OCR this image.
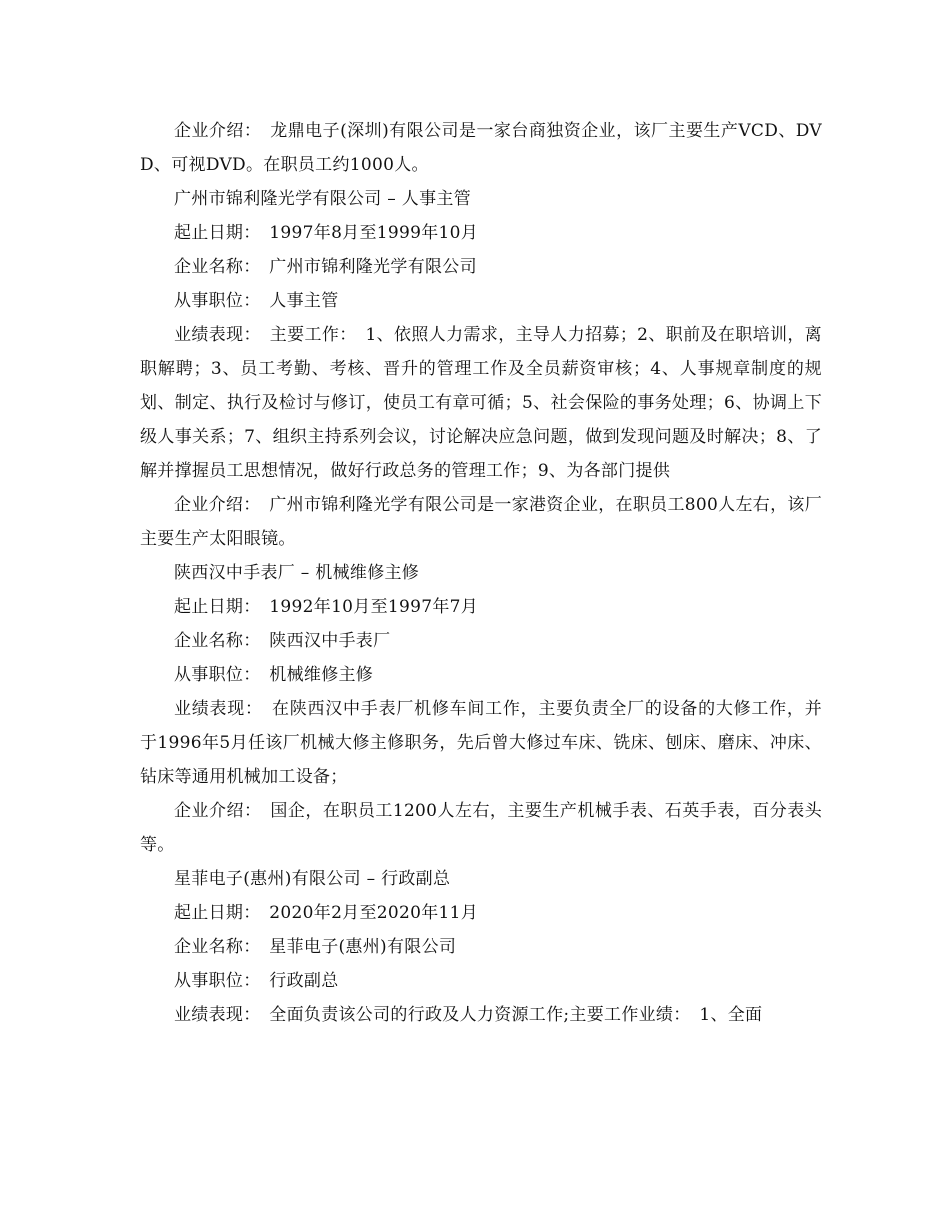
企业介绍：　龙鼎电子(深圳)有限公司是一家台商独资企业，该厂主要生产VCD、DVD、可视DVD。在职员工约1000人。

广州市锦利隆光学有限公司 – 人事主管

起止日期：　1997年8月至1999年10月

企业名称：　广州市锦利隆光学有限公司

从事职位：　人事主管

业绩表现：　主要工作：　1、依照人力需求，主导人力招募；2、职前及在职培训，离职解聘；3、员工考勤、考核、晋升的管理工作及全员薪资审核；4、人事规章制度的规划、制定、执行及检讨与修订，使员工有章可循；5、社会保险的事务处理；6、协调上下级人事关系；7、组织主持系列会议，讨论解决应急问题，做到发现问题及时解决；8、了解并撑握员工思想情况，做好行政总务的管理工作；9、为各部门提供

企业介绍：　广州市锦利隆光学有限公司是一家港资企业，在职员工800人左右，该厂主要生产太阳眼镜。

陕西汉中手表厂 – 机械维修主修

起止日期：　1992年10月至1997年7月

企业名称：　陕西汉中手表厂

从事职位：　机械维修主修

业绩表现：　在陕西汉中手表厂机修车间工作，主要负责全厂的设备的大修工作，并于1996年5月任该厂机械大修主修职务，先后曾大修过车床、铣床、刨床、磨床、冲床、钻床等通用机械加工设备；

企业介绍：　国企，在职员工1200人左右，主要生产机械手表、石英手表，百分表头等。

星菲电子(惠州)有限公司 – 行政副总

起止日期：　2020年2月至2020年11月

企业名称：　星菲电子(惠州)有限公司

从事职位：　行政副总

业绩表现：　全面负责该公司的行政及人力资源工作;主要工作业绩：　1、全面
